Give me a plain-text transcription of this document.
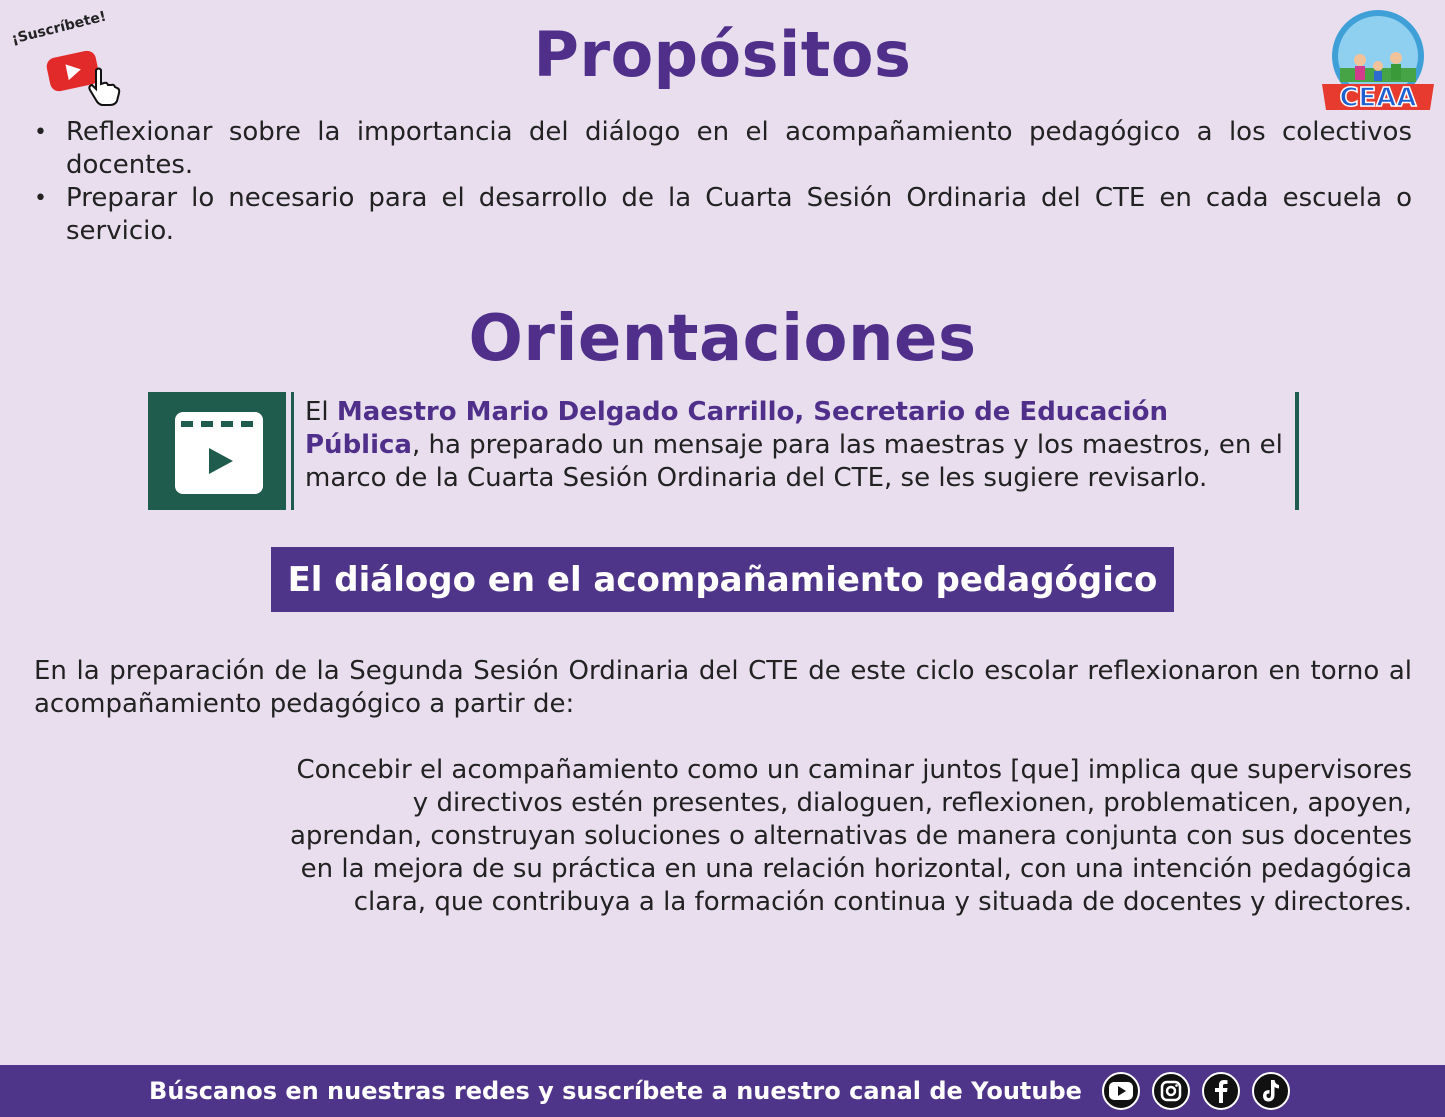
¡Suscríbete!
CEAA
Propósitos
• Reflexionar sobre la importancia del diálogo en el acompañamiento pedagógico a los colectivos docentes.
• Preparar lo necesario para el desarrollo de la Cuarta Sesión Ordinaria del CTE en cada escuela o servicio.
Orientaciones

El Maestro Mario Delgado Carrillo, Secretario de Educación Pública, ha preparado un mensaje para las maestras y los maestros, en el marco de la Cuarta Sesión Ordinaria del CTE, se les sugiere revisarlo.

El diálogo en el acompañamiento pedagógico

En la preparación de la Segunda Sesión Ordinaria del CTE de este ciclo escolar reflexionaron en torno al acompañamiento pedagógico a partir de:

Concebir el acompañamiento como un caminar juntos [que] implica que supervisores y directivos estén presentes, dialoguen, reflexionen, problematicen, apoyen, aprendan, construyan soluciones o alternativas de manera conjunta con sus docentes en la mejora de su práctica en una relación horizontal, con una intención pedagógica clara, que contribuya a la formación continua y situada de docentes y directores.

Búscanos en nuestras redes y suscríbete a nuestro canal de Youtube
